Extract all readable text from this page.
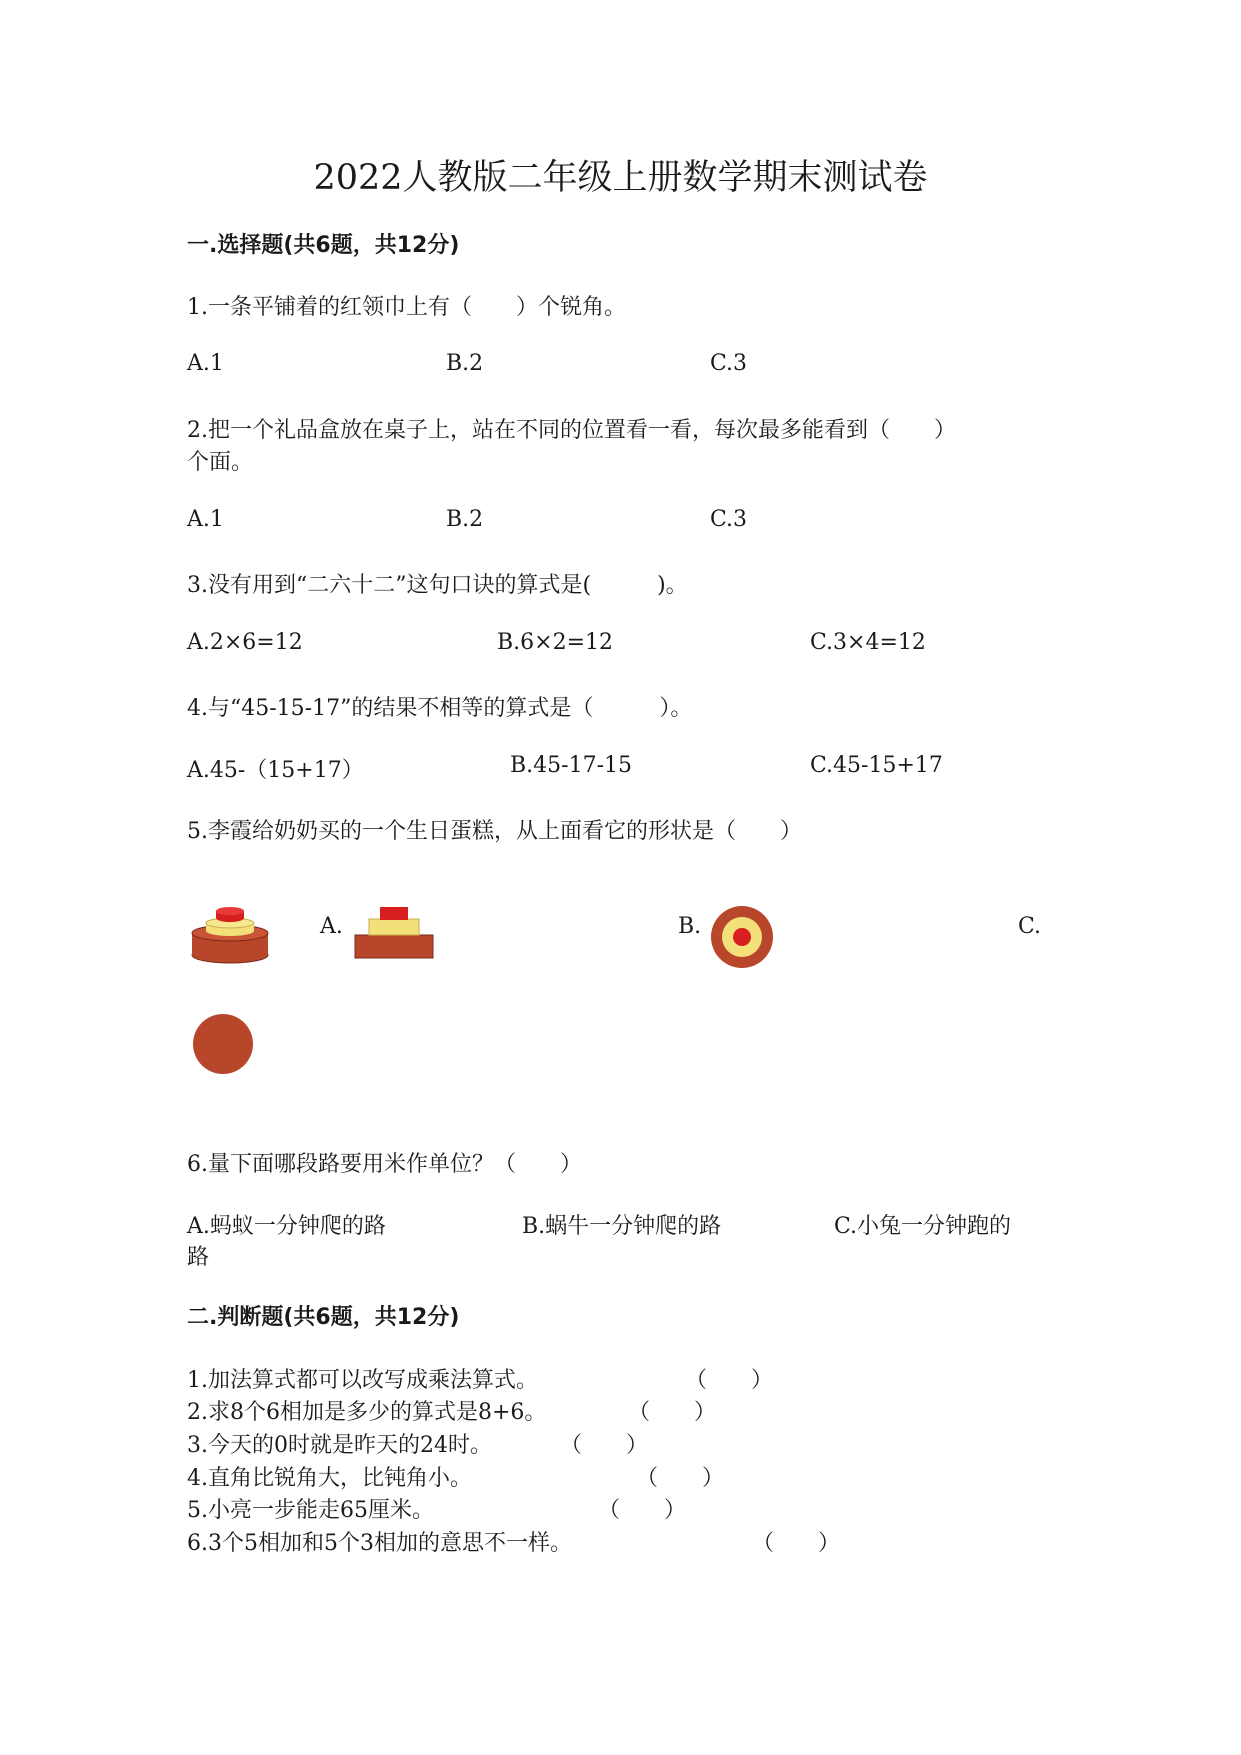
2022人教版二年级上册数学期末测试卷
一.选择题(共6题，共12分)
1.一条平铺着的红领巾上有（　　）个锐角。
A.1	B.2	C.3
2.把一个礼品盒放在桌子上，站在不同的位置看一看，每次最多能看到（　　）
个面。
A.1	B.2	C.3
3.没有用到“二六十二”这句口诀的算式是(　　　)。
A.2×6=12	B.6×2=12	C.3×4=12
4.与“45-15-17”的结果不相等的算式是（　　　）。
A.45-（15+17）	B.45-17-15	C.45-15+17
5.李霞给奶奶买的一个生日蛋糕，从上面看它的形状是（　　）
A.	B.	C.
6.量下面哪段路要用米作单位？（　　）
A.蚂蚁一分钟爬的路	B.蜗牛一分钟爬的路	C.小兔一分钟跑的
路
二.判断题(共6题，共12分)
1.加法算式都可以改写成乘法算式。	（　　）
2.求8个6相加是多少的算式是8+6。	（　　）
3.今天的0时就是昨天的24时。	（　　）
4.直角比锐角大，比钝角小。	（　　）
5.小亮一步能走65厘米。	（　　）
6.3个5相加和5个3相加的意思不一样。	（　　）
